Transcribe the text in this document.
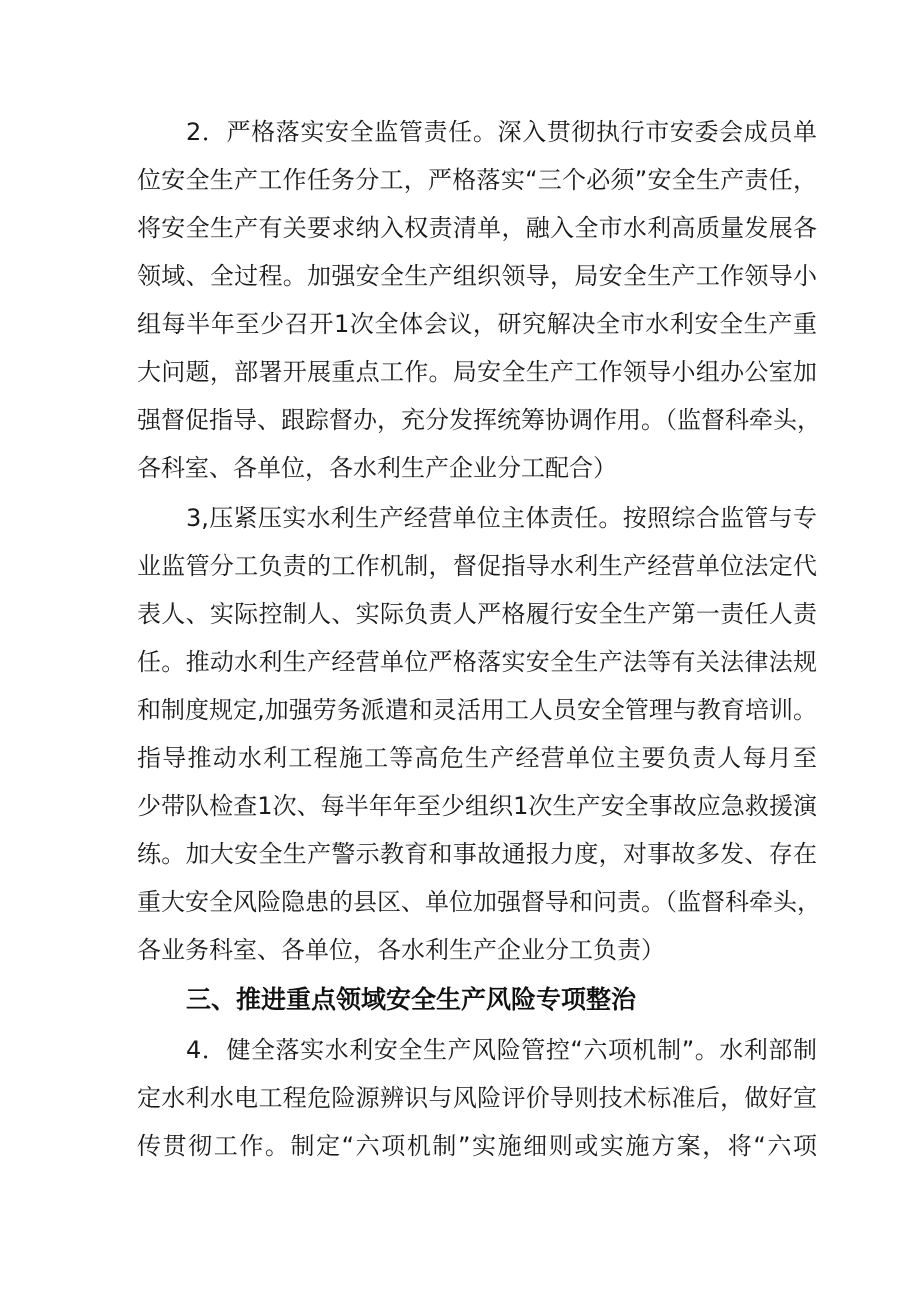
2．严格落实安全监管责任。深入贯彻执行市安委会成员单
位安全生产工作任务分工，严格落实“三个必须”安全生产责任，
将安全生产有关要求纳入权责清单，融入全市水利高质量发展各
领域、全过程。加强安全生产组织领导，局安全生产工作领导小
组每半年至少召开1次全体会议，研究解决全市水利安全生产重
大问题，部署开展重点工作。局安全生产工作领导小组办公室加
强督促指导、跟踪督办，充分发挥统筹协调作用。（监督科牵头，
各科室、各单位，各水利生产企业分工配合）
3,压紧压实水利生产经营单位主体责任。按照综合监管与专
业监管分工负责的工作机制，督促指导水利生产经营单位法定代
表人、实际控制人、实际负责人严格履行安全生产第一责任人责
任。推动水利生产经营单位严格落实安全生产法等有关法律法规
和制度规定,加强劳务派遣和灵活用工人员安全管理与教育培训。
指导推动水利工程施工等高危生产经营单位主要负责人每月至
少带队检查1次、每半年年至少组织1次生产安全事故应急救援演
练。加大安全生产警示教育和事故通报力度，对事故多发、存在
重大安全风险隐患的县区、单位加强督导和问责。（监督科牵头，
各业务科室、各单位，各水利生产企业分工负责）
三、推进重点领域安全生产风险专项整治
4．健全落实水利安全生产风险管控“六项机制”。水利部制
定水利水电工程危险源辨识与风险评价导则技术标准后，做好宣
传贯彻工作。制定“六项机制”实施细则或实施方案，将“六项
